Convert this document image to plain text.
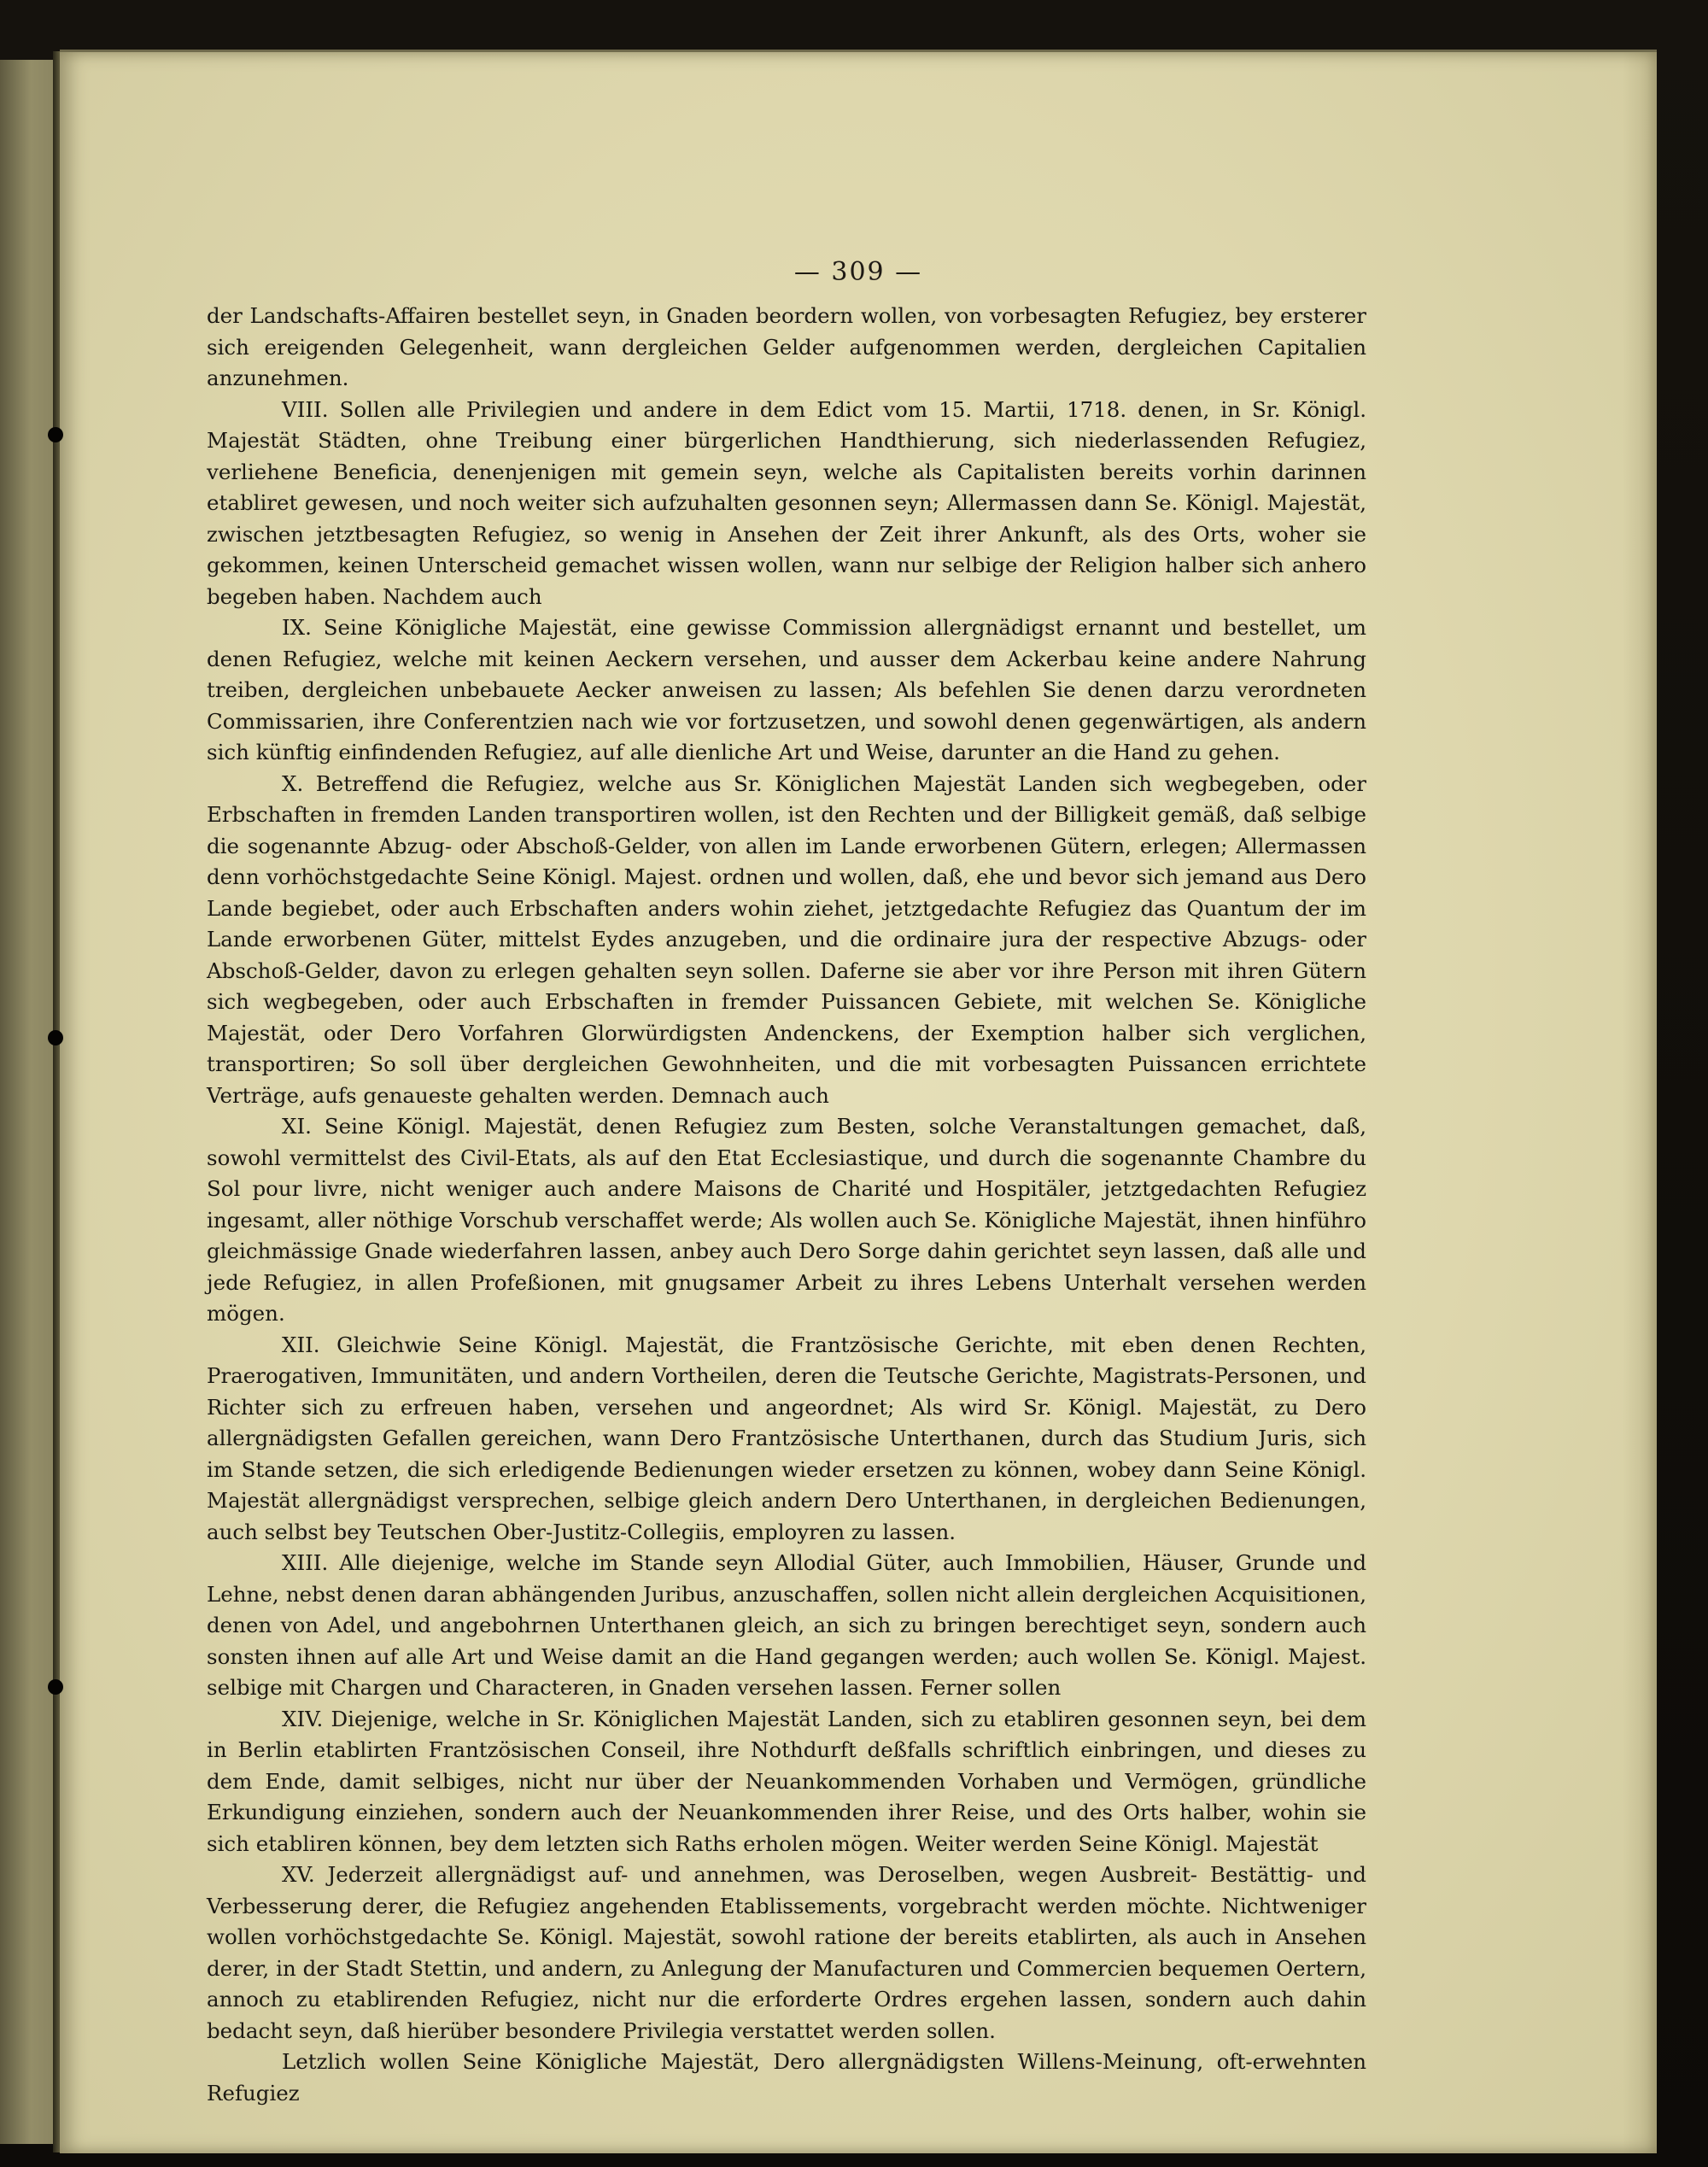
— 309 —

der Landschafts-Affairen bestellet seyn, in Gnaden beordern wollen, von vorbesagten Refugiez, bey ersterer sich ereigenden Gelegenheit, wann dergleichen Gelder aufgenommen werden, dergleichen Capitalien anzunehmen.

VIII. Sollen alle Privilegien und andere in dem Edict vom 15. Martii, 1718. denen, in Sr. Königl. Majestät Städten, ohne Treibung einer bürgerlichen Handthierung, sich niederlassenden Refugiez, verliehene Beneficia, denenjenigen mit gemein seyn, welche als Capitalisten bereits vorhin darinnen etabliret gewesen, und noch weiter sich aufzuhalten gesonnen seyn; Allermassen dann Se. Königl. Majestät, zwischen jetztbesagten Refugiez, so wenig in Ansehen der Zeit ihrer Ankunft, als des Orts, woher sie gekommen, keinen Unterscheid gemachet wissen wollen, wann nur selbige der Religion halber sich anhero begeben haben. Nachdem auch

IX. Seine Königliche Majestät, eine gewisse Commission allergnädigst ernannt und bestellet, um denen Refugiez, welche mit keinen Aeckern versehen, und ausser dem Ackerbau keine andere Nahrung treiben, dergleichen unbebauete Aecker anweisen zu lassen; Als befehlen Sie denen darzu verordneten Commissarien, ihre Conferentzien nach wie vor fortzusetzen, und sowohl denen gegenwärtigen, als andern sich künftig einfindenden Refugiez, auf alle dienliche Art und Weise, darunter an die Hand zu gehen.

X. Betreffend die Refugiez, welche aus Sr. Königlichen Majestät Landen sich wegbegeben, oder Erbschaften in fremden Landen transportiren wollen, ist den Rechten und der Billigkeit gemäß, daß selbige die sogenannte Abzug- oder Abschoß-Gelder, von allen im Lande erworbenen Gütern, erlegen; Allermassen denn vorhöchstgedachte Seine Königl. Majest. ordnen und wollen, daß, ehe und bevor sich jemand aus Dero Lande begiebet, oder auch Erbschaften anders wohin ziehet, jetztgedachte Refugiez das Quantum der im Lande erworbenen Güter, mittelst Eydes anzugeben, und die ordinaire jura der respective Abzugs- oder Abschoß-Gelder, davon zu erlegen gehalten seyn sollen. Daferne sie aber vor ihre Person mit ihren Gütern sich wegbegeben, oder auch Erbschaften in fremder Puissancen Gebiete, mit welchen Se. Königliche Majestät, oder Dero Vorfahren Glorwürdigsten Andenckens, der Exemption halber sich verglichen, transportiren; So soll über dergleichen Gewohnheiten, und die mit vorbesagten Puissancen errichtete Verträge, aufs genaueste gehalten werden. Demnach auch

XI. Seine Königl. Majestät, denen Refugiez zum Besten, solche Veranstaltungen gemachet, daß, sowohl vermittelst des Civil-Etats, als auf den Etat Ecclesiastique, und durch die sogenannte Chambre du Sol pour livre, nicht weniger auch andere Maisons de Charité und Hospitäler, jetztgedachten Refugiez ingesamt, aller nöthige Vorschub verschaffet werde; Als wollen auch Se. Königliche Majestät, ihnen hinführo gleichmässige Gnade wiederfahren lassen, anbey auch Dero Sorge dahin gerichtet seyn lassen, daß alle und jede Refugiez, in allen Profeßionen, mit gnugsamer Arbeit zu ihres Lebens Unterhalt versehen werden mögen.

XII. Gleichwie Seine Königl. Majestät, die Frantzösische Gerichte, mit eben denen Rechten, Praerogativen, Immunitäten, und andern Vortheilen, deren die Teutsche Gerichte, Magistrats-Personen, und Richter sich zu erfreuen haben, versehen und angeordnet; Als wird Sr. Königl. Majestät, zu Dero allergnädigsten Gefallen gereichen, wann Dero Frantzösische Unterthanen, durch das Studium Juris, sich im Stande setzen, die sich erledigende Bedienungen wieder ersetzen zu können, wobey dann Seine Königl. Majestät allergnädigst versprechen, selbige gleich andern Dero Unterthanen, in dergleichen Bedienungen, auch selbst bey Teutschen Ober-Justitz-Collegiis, employren zu lassen.

XIII. Alle diejenige, welche im Stande seyn Allodial Güter, auch Immobilien, Häuser, Grunde und Lehne, nebst denen daran abhängenden Juribus, anzuschaffen, sollen nicht allein dergleichen Acquisitionen, denen von Adel, und angebohrnen Unterthanen gleich, an sich zu bringen berechtiget seyn, sondern auch sonsten ihnen auf alle Art und Weise damit an die Hand gegangen werden; auch wollen Se. Königl. Majest. selbige mit Chargen und Characteren, in Gnaden versehen lassen. Ferner sollen

XIV. Diejenige, welche in Sr. Königlichen Majestät Landen, sich zu etabliren gesonnen seyn, bei dem in Berlin etablirten Frantzösischen Conseil, ihre Nothdurft deßfalls schriftlich einbringen, und dieses zu dem Ende, damit selbiges, nicht nur über der Neuankommenden Vorhaben und Vermögen, gründliche Erkundigung einziehen, sondern auch der Neuankommenden ihrer Reise, und des Orts halber, wohin sie sich etabliren können, bey dem letzten sich Raths erholen mögen. Weiter werden Seine Königl. Majestät

XV. Jederzeit allergnädigst auf- und annehmen, was Deroselben, wegen Ausbreit- Bestättig- und Verbesserung derer, die Refugiez angehenden Etablissements, vorgebracht werden möchte. Nichtweniger wollen vorhöchstgedachte Se. Königl. Majestät, sowohl ratione der bereits etablirten, als auch in Ansehen derer, in der Stadt Stettin, und andern, zu Anlegung der Manufacturen und Commercien bequemen Oertern, annoch zu etablirenden Refugiez, nicht nur die erforderte Ordres ergehen lassen, sondern auch dahin bedacht seyn, daß hierüber besondere Privilegia verstattet werden sollen.

Letzlich wollen Seine Königliche Majestät, Dero allergnädigsten Willens-Meinung, oft-erwehnten Refugiez
